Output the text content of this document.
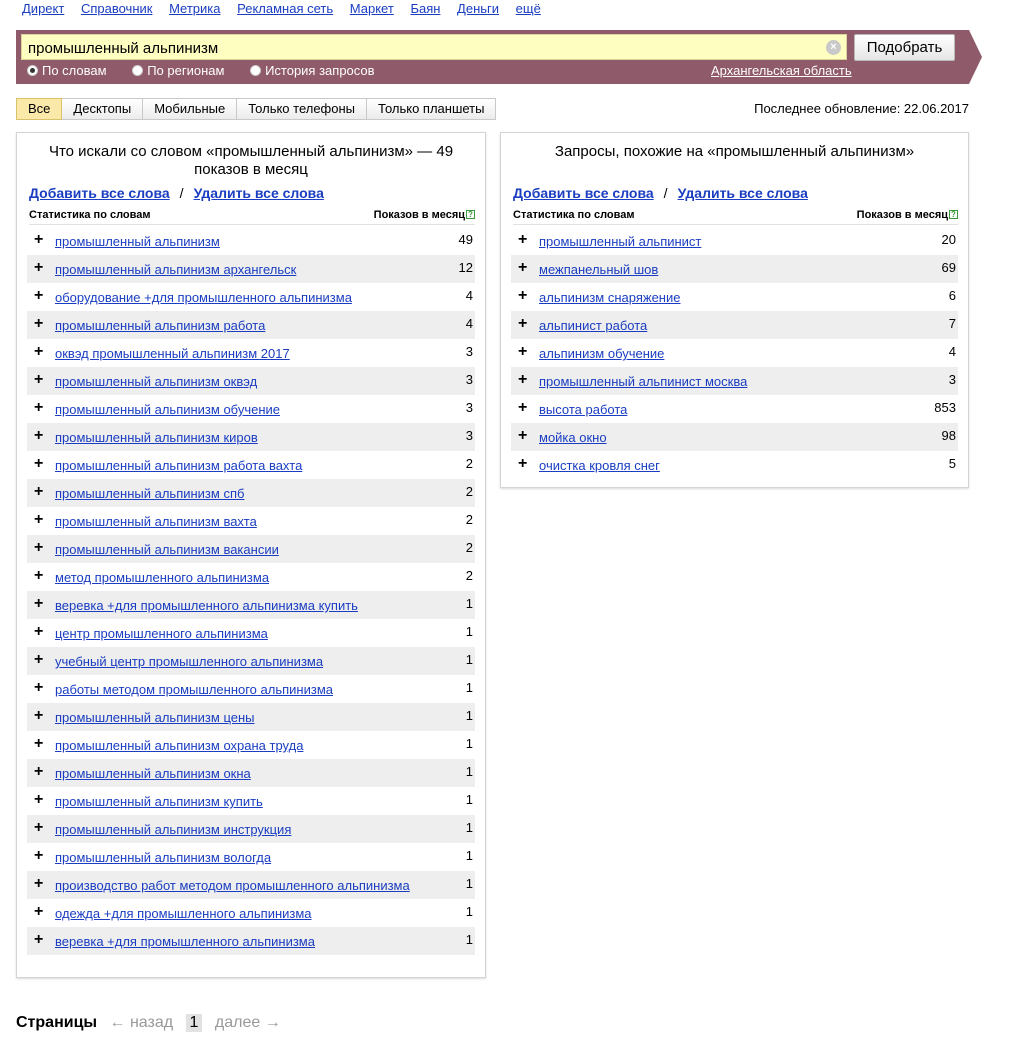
Директ Справочник Метрика Рекламная сеть Маркет Баян Деньги ещё
промышленный альпинизм
×	Подобрать
По словам	По регионам	История запросов	Архангельская область
Все	Десктопы	Мобильные	Только телефоны	Только планшеты	Последнее обновление: 22.06.2017
Что искали со словом «промышленный альпинизм» — 49 показов в месяц
Добавить все слова / Удалить все слова
Статистика по словам	Показов в месяц ?
+ промышленный альпинизм	49
+ промышленный альпинизм архангельск	12
+ оборудование +для промышленного альпинизма	4
+ промышленный альпинизм работа	4
+ оквэд промышленный альпинизм 2017	3
+ промышленный альпинизм оквэд	3
+ промышленный альпинизм обучение	3
+ промышленный альпинизм киров	3
+ промышленный альпинизм работа вахта	2
+ промышленный альпинизм спб	2
+ промышленный альпинизм вахта	2
+ промышленный альпинизм вакансии	2
+ метод промышленного альпинизма	2
+ веревка +для промышленного альпинизма купить	1
+ центр промышленного альпинизма	1
+ учебный центр промышленного альпинизма	1
+ работы методом промышленного альпинизма	1
+ промышленный альпинизм цены	1
+ промышленный альпинизм охрана труда	1
+ промышленный альпинизм окна	1
+ промышленный альпинизм купить	1
+ промышленный альпинизм инструкция	1
+ промышленный альпинизм вологда	1
+ производство работ методом промышленного альпинизма	1
+ одежда +для промышленного альпинизма	1
+ веревка +для промышленного альпинизма	1
Запросы, похожие на «промышленный альпинизм»
Добавить все слова / Удалить все слова
Статистика по словам	Показов в месяц ?
+ промышленный альпинист	20
+ межпанельный шов	69
+ альпинизм снаряжение	6
+ альпинист работа	7
+ альпинизм обучение	4
+ промышленный альпинист москва	3
+ высота работа	853
+ мойка окно	98
+ очистка кровля снег	5
Страницы ← назад 1 далее →
